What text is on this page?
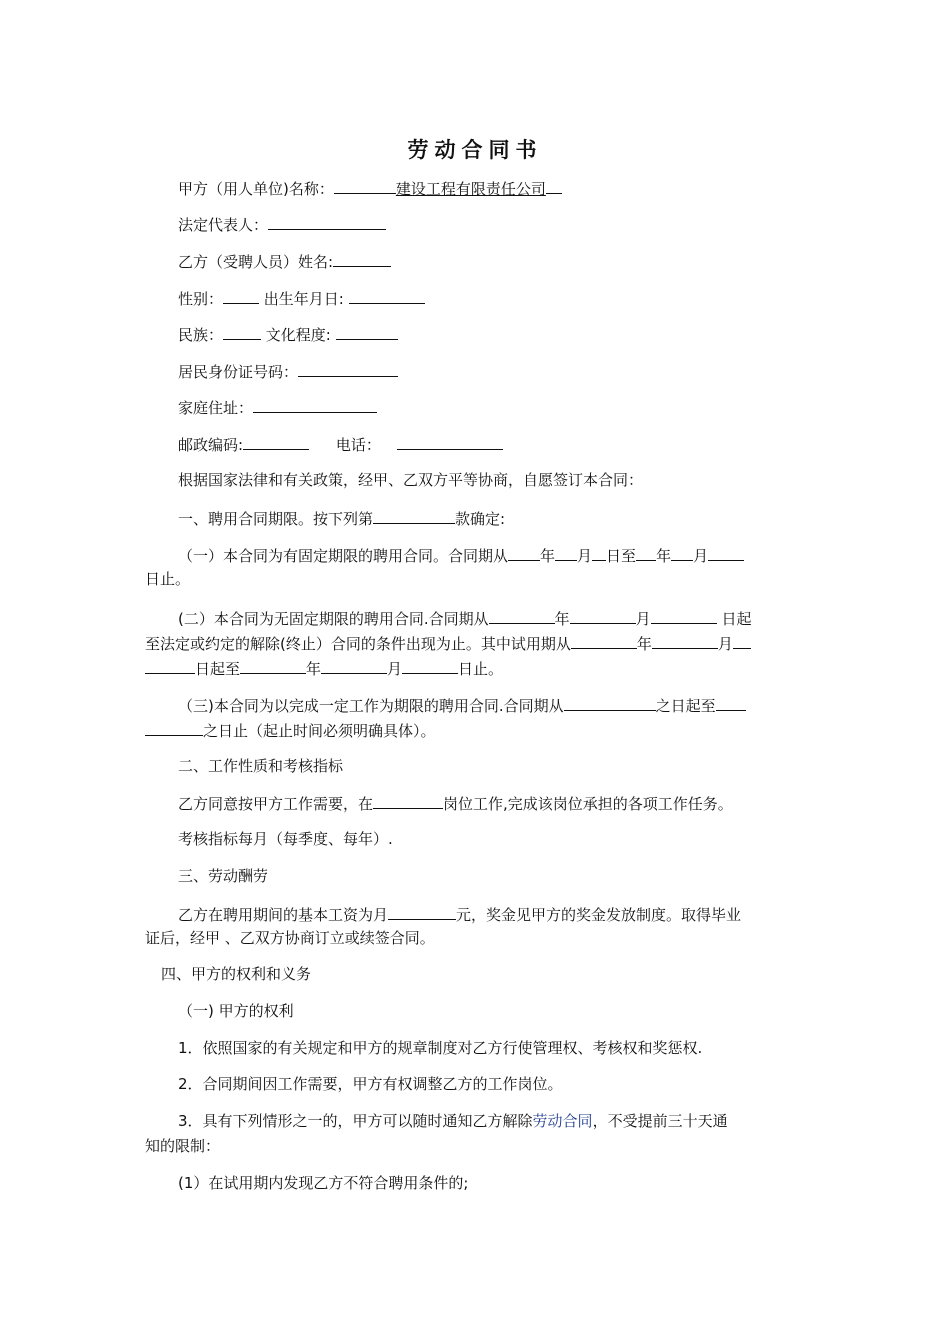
劳动合同书
甲方（用人单位)名称：	建设工程有限责任公司
法定代表人：
乙方（受聘人员）姓名:
性别：	出生年月日:
民族：	文化程度:
居民身份证号码：
家庭住址：
邮政编码:	电话：
根据国家法律和有关政策，经甲、乙双方平等协商，自愿签订本合同：
一、聘用合同期限。按下列第	款确定:
（一）本合同为有固定期限的聘用合同。合同期从 年 月 日至 年 月
日止。
(二）本合同为无固定期限的聘用合同.合同期从	年	月	日起
至法定或约定的解除(终止）合同的条件出现为止。其中试用期从	年	月
日起至	年	月	日止。
（三)本合同为以完成一定工作为期限的聘用合同.合同期从	之日起至
之日止（起止时间必须明确具体）。
二、工作性质和考核指标
乙方同意按甲方工作需要，在	岗位工作,完成该岗位承担的各项工作任务。
考核指标每月（每季度、每年）.
三、劳动酬劳
乙方在聘用期间的基本工资为月	元，奖金见甲方的奖金发放制度。取得毕业
证后，经甲 、乙双方协商订立或续签合同。
四、甲方的权利和义务
（一) 甲方的权利
1．依照国家的有关规定和甲方的规章制度对乙方行使管理权、考核权和奖惩权.
2．合同期间因工作需要，甲方有权调整乙方的工作岗位。
3．具有下列情形之一的，甲方可以随时通知乙方解除劳动合同，不受提前三十天通
知的限制：
(1）在试用期内发现乙方不符合聘用条件的;
